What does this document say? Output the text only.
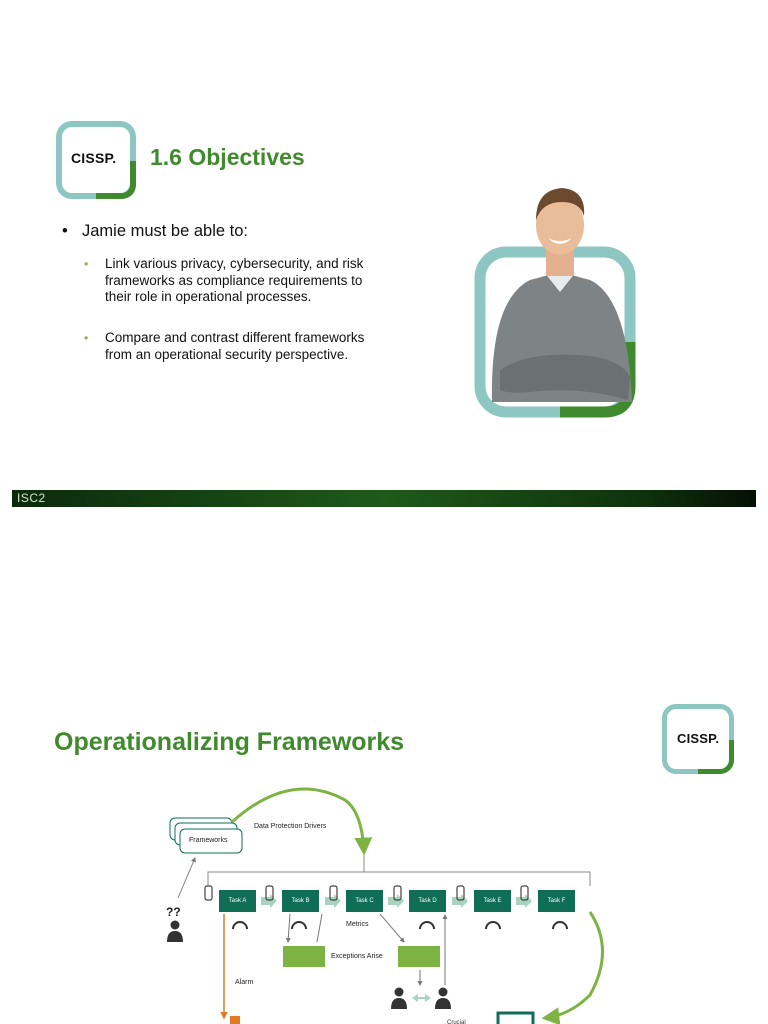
CISSP. 1.6 Objectives
• Jamie must be able to:
• Link various privacy, cybersecurity, and risk frameworks as compliance requirements to their role in operational processes.
• Compare and contrast different frameworks from an operational security perspective.
ISC2
Operationalizing Frameworks	CISSP.
Crucial
Frameworks
Data Protection Drivers
??
Task A	Task B	Task C	Task D	Task E	Task F
Metrics
Exceptions Arise
Alarm
